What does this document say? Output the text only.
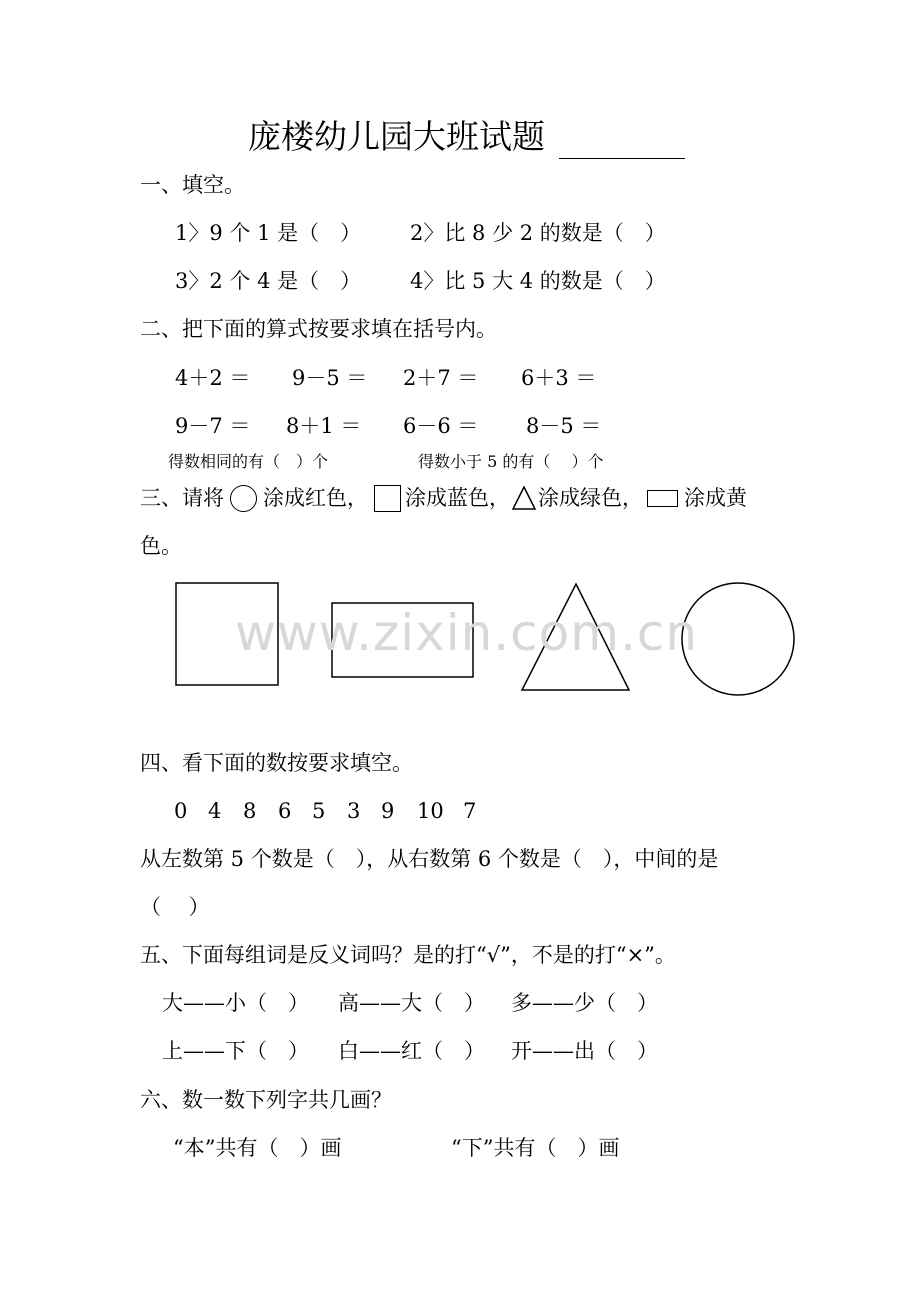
庞楼幼儿园大班试题
一、填空。
1〉9 个 1 是（　） 2〉比 8 少 2 的数是（　）
3〉2 个 4 是（　） 4〉比 5 大 4 的数是（　）
二、把下面的算式按要求填在括号内。
4＋2 ＝ 9－5 ＝ 2＋7 ＝ 6＋3 ＝
9－7 ＝ 8＋1 ＝ 6－6 ＝ 8－5 ＝
得数相同的有（　）个	得数小于 5 的有（　 ）个
三、请将 涂成红色， 涂成蓝色， 涂成绿色， 涂成黄
色。
www.zixin.com.cn
四、看下面的数按要求填空。
0 4 8 6 5 3 9 10 7
从左数第 5 个数是（　），从右数第 6 个数是（　），中间的是
（　 ）
五、下面每组词是反义词吗？是的打“√”，不是的打“×”。
大——小（　） 高——大（　） 多——少（　）
上——下（　） 白——红（　） 开——出（　）
六、数一数下列字共几画？
“本”共有（　）画	“下”共有（　）画
